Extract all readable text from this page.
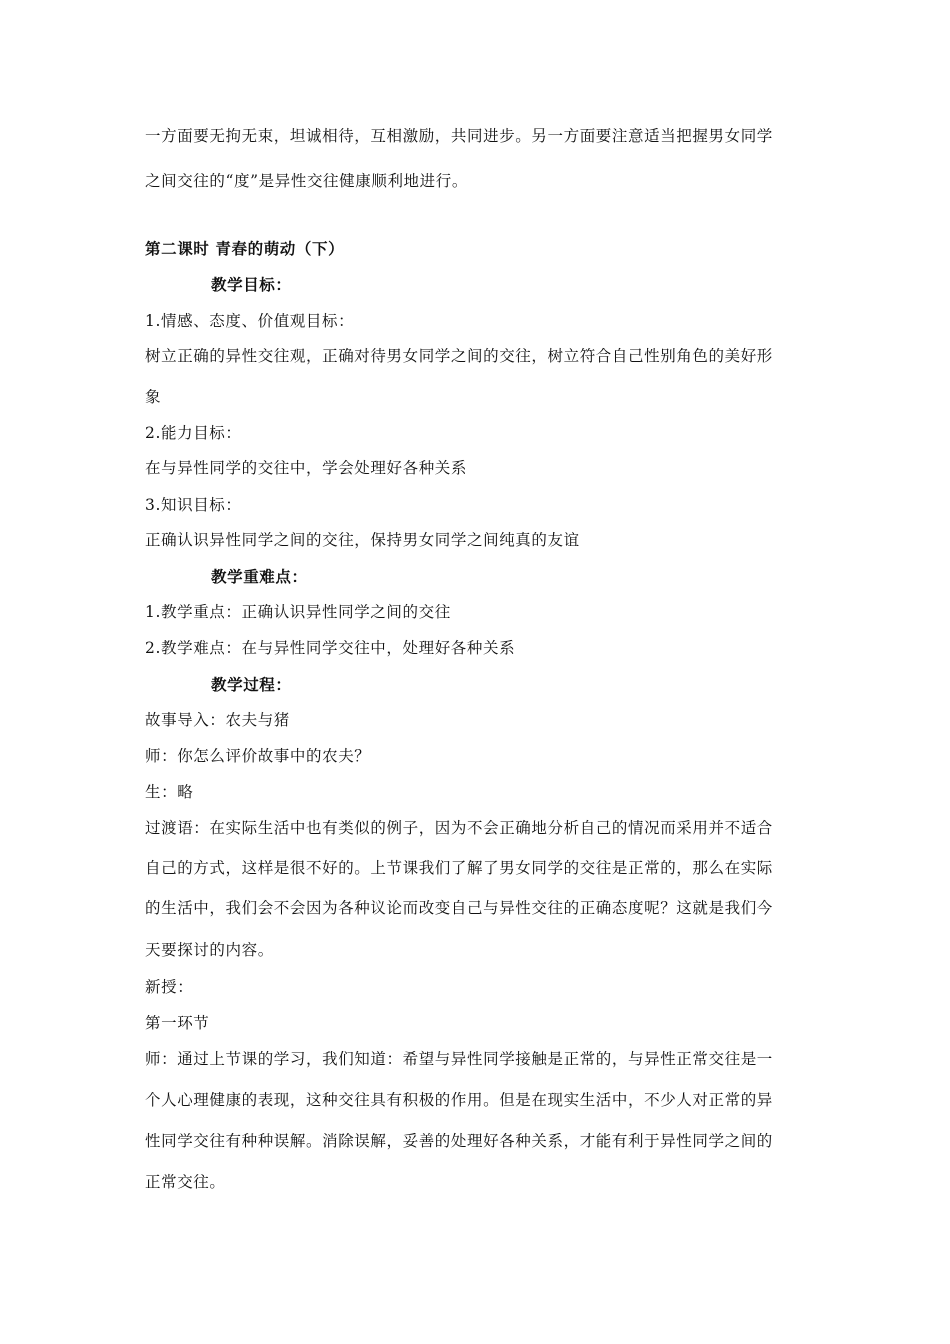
一方面要无拘无束，坦诚相待，互相激励，共同进步。另一方面要注意适当把握男女同学
之间交往的“度”是异性交往健康顺利地进行。
第二课时 青春的萌动（下）
教学目标：
1.情感、态度、价值观目标：
树立正确的异性交往观，正确对待男女同学之间的交往，树立符合自己性别角色的美好形
象
2.能力目标：
在与异性同学的交往中，学会处理好各种关系
3.知识目标：
正确认识异性同学之间的交往，保持男女同学之间纯真的友谊
教学重难点：
1.教学重点：正确认识异性同学之间的交往
2.教学难点：在与异性同学交往中，处理好各种关系
教学过程：
故事导入：农夫与猪
师：你怎么评价故事中的农夫？
生：略
过渡语：在实际生活中也有类似的例子，因为不会正确地分析自己的情况而采用并不适合
自己的方式，这样是很不好的。上节课我们了解了男女同学的交往是正常的，那么在实际
的生活中，我们会不会因为各种议论而改变自己与异性交往的正确态度呢？这就是我们今
天要探讨的内容。
新授：
第一环节
师：通过上节课的学习，我们知道：希望与异性同学接触是正常的，与异性正常交往是一
个人心理健康的表现，这种交往具有积极的作用。但是在现实生活中，不少人对正常的异
性同学交往有种种误解。消除误解，妥善的处理好各种关系，才能有利于异性同学之间的
正常交往。
